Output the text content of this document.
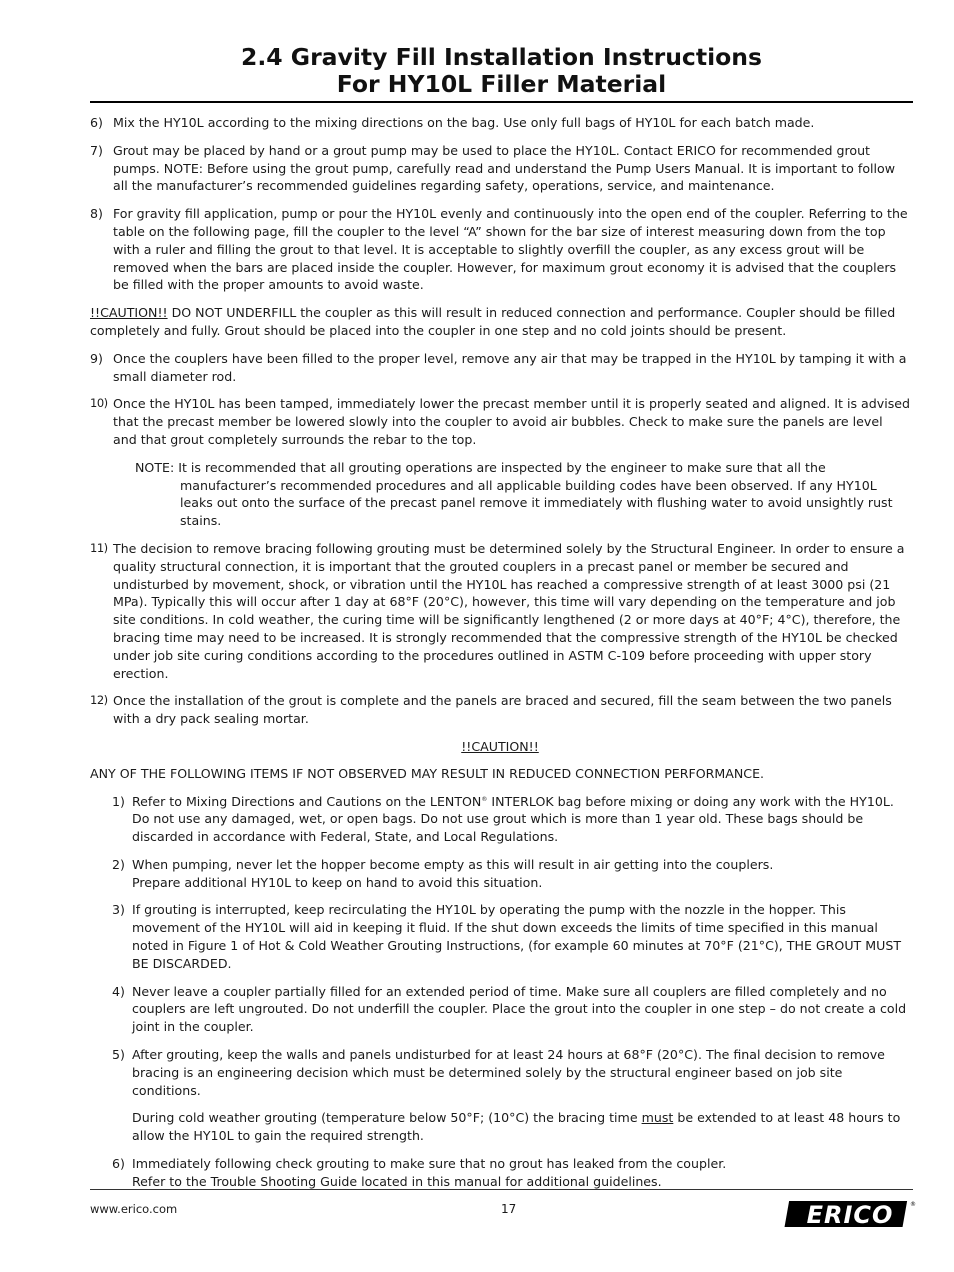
2.4 Gravity Fill Installation Instructions
For HY10L Filler Material
6) Mix the HY10L according to the mixing directions on the bag. Use only full bags of HY10L for each batch made.
7) Grout may be placed by hand or a grout pump may be used to place the HY10L. Contact ERICO for recommended grout pumps. NOTE: Before using the grout pump, carefully read and understand the Pump Users Manual. It is important to follow all the manufacturer’s recommended guidelines regarding safety, operations, service, and maintenance.
8) For gravity fill application, pump or pour the HY10L evenly and continuously into the open end of the coupler. Referring to the table on the following page, fill the coupler to the level “A” shown for the bar size of interest measuring down from the top with a ruler and filling the grout to that level. It is acceptable to slightly overfill the coupler, as any excess grout will be removed when the bars are placed inside the coupler. However, for maximum grout economy it is advised that the couplers be filled with the proper amounts to avoid waste.
!!CAUTION!! DO NOT UNDERFILL the coupler as this will result in reduced connection and performance. Coupler should be filled completely and fully. Grout should be placed into the coupler in one step and no cold joints should be present.
9) Once the couplers have been filled to the proper level, remove any air that may be trapped in the HY10L by tamping it with a small diameter rod.
10) Once the HY10L has been tamped, immediately lower the precast member until it is properly seated and aligned. It is advised that the precast member be lowered slowly into the coupler to avoid air bubbles. Check to make sure the panels are level and that grout completely surrounds the rebar to the top.
NOTE: It is recommended that all grouting operations are inspected by the engineer to make sure that all the manufacturer’s recommended procedures and all applicable building codes have been observed. If any HY10L leaks out onto the surface of the precast panel remove it immediately with flushing water to avoid unsightly rust stains.
11) The decision to remove bracing following grouting must be determined solely by the Structural Engineer. In order to ensure a quality structural connection, it is important that the grouted couplers in a precast panel or member be secured and undisturbed by movement, shock, or vibration until the HY10L has reached a compressive strength of at least 3000 psi (21 MPa). Typically this will occur after 1 day at 68°F (20°C), however, this time will vary depending on the temperature and job site conditions. In cold weather, the curing time will be significantly lengthened (2 or more days at 40°F; 4°C), therefore, the bracing time may need to be increased. It is strongly recommended that the compressive strength of the HY10L be checked under job site curing conditions according to the procedures outlined in ASTM C-109 before proceeding with upper story erection.
12) Once the installation of the grout is complete and the panels are braced and secured, fill the seam between the two panels with a dry pack sealing mortar.
!!CAUTION!!
ANY OF THE FOLLOWING ITEMS IF NOT OBSERVED MAY RESULT IN REDUCED CONNECTION PERFORMANCE.
1) Refer to Mixing Directions and Cautions on the LENTON® INTERLOK bag before mixing or doing any work with the HY10L. Do not use any damaged, wet, or open bags. Do not use grout which is more than 1 year old. These bags should be discarded in accordance with Federal, State, and Local Regulations.
2) When pumping, never let the hopper become empty as this will result in air getting into the couplers.
Prepare additional HY10L to keep on hand to avoid this situation.
3) If grouting is interrupted, keep recirculating the HY10L by operating the pump with the nozzle in the hopper. This movement of the HY10L will aid in keeping it fluid. If the shut down exceeds the limits of time specified in this manual noted in Figure 1 of Hot & Cold Weather Grouting Instructions, (for example 60 minutes at 70°F (21°C), THE GROUT MUST BE DISCARDED.
4) Never leave a coupler partially filled for an extended period of time. Make sure all couplers are filled completely and no couplers are left ungrouted. Do not underfill the coupler. Place the grout into the coupler in one step – do not create a cold joint in the coupler.
5) After grouting, keep the walls and panels undisturbed for at least 24 hours at 68°F (20°C). The final decision to remove bracing is an engineering decision which must be determined solely by the structural engineer based on job site conditions.
During cold weather grouting (temperature below 50°F; (10°C) the bracing time must be extended to at least 48 hours to allow the HY10L to gain the required strength.
6) Immediately following check grouting to make sure that no grout has leaked from the coupler.
Refer to the Trouble Shooting Guide located in this manual for additional guidelines.
www.erico.com	17	ERICO	®
